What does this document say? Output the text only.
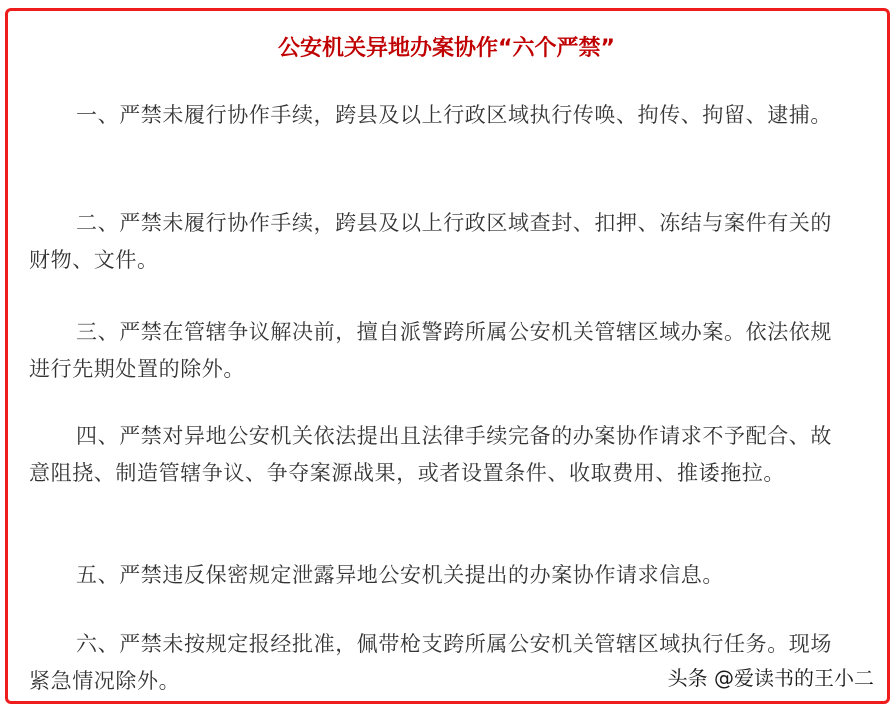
公安机关异地办案协作“六个严禁”

一、严禁未履行协作手续，跨县及以上行政区域执行传唤、拘传、拘留、逮捕。

二、严禁未履行协作手续，跨县及以上行政区域查封、扣押、冻结与案件有关的财物、文件。

三、严禁在管辖争议解决前，擅自派警跨所属公安机关管辖区域办案。依法依规进行先期处置的除外。

四、严禁对异地公安机关依法提出且法律手续完备的办案协作请求不予配合、故意阻挠、制造管辖争议、争夺案源战果，或者设置条件、收取费用、推诿拖拉。

五、严禁违反保密规定泄露异地公安机关提出的办案协作请求信息。

六、严禁未按规定报经批准，佩带枪支跨所属公安机关管辖区域执行任务。现场紧急情况除外。	头条 @爱读书的王小二
